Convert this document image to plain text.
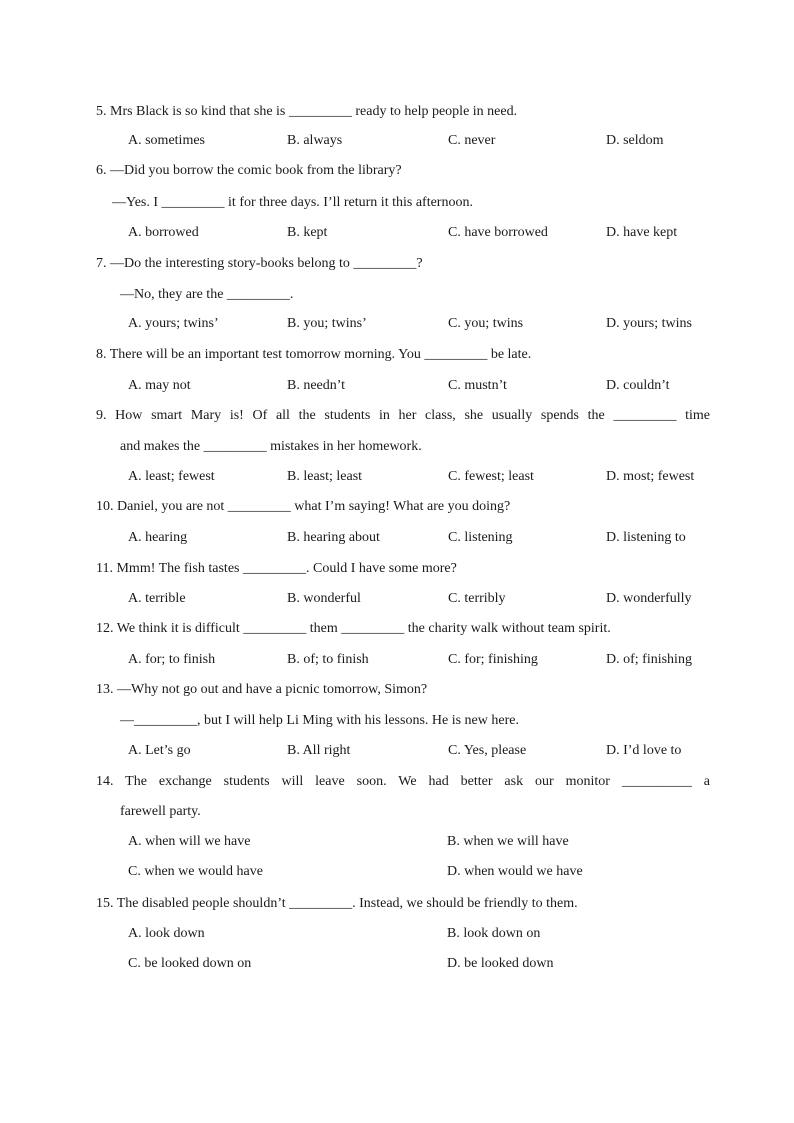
5. Mrs Black is so kind that she is _________ ready to help people in need.
A. sometimes	B. always	C. never	D. seldom
6. —Did you borrow the comic book from the library?
—Yes. I _________ it for three days. I’ll return it this afternoon.
A. borrowed	B. kept	C. have borrowed	D. have kept
7. —Do the interesting story-books belong to _________?
—No, they are the _________.
A. yours; twins’	B. you; twins’	C. you; twins	D. yours; twins
8. There will be an important test tomorrow morning. You _________ be late.
A. may not	B. needn’t	C. mustn’t	D. couldn’t
9. How smart Mary is! Of all the students in her class, she usually spends the _________ time
and makes the _________ mistakes in her homework.
A. least; fewest	B. least; least	C. fewest; least	D. most; fewest
10. Daniel, you are not _________ what I’m saying! What are you doing?
A. hearing	B. hearing about	C. listening	D. listening to
11. Mmm! The fish tastes _________. Could I have some more?
A. terrible	B. wonderful	C. terribly	D. wonderfully
12. We think it is difficult _________ them _________ the charity walk without team spirit.
A. for; to finish	B. of; to finish	C. for; finishing	D. of; finishing
13. —Why not go out and have a picnic tomorrow, Simon?
—_________, but I will help Li Ming with his lessons. He is new here.
A. Let’s go	B. All right	C. Yes, please	D. I’d love to
14. The exchange students will leave soon. We had better ask our monitor __________ a
farewell party.
A. when will we have	B. when we will have
C. when we would have	D. when would we have
15. The disabled people shouldn’t _________. Instead, we should be friendly to them.
A. look down	B. look down on
C. be looked down on	D. be looked down
